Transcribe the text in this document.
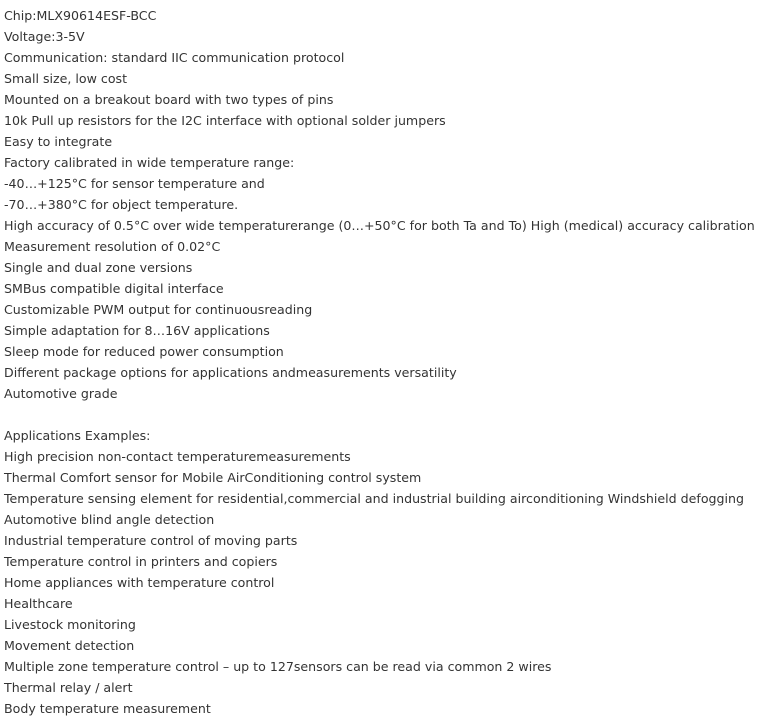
Chip:MLX90614ESF-BCC
Voltage:3-5V
Communication: standard IIC communication protocol
Small size, low cost
Mounted on a breakout board with two types of pins
10k Pull up resistors for the I2C interface with optional solder jumpers
Easy to integrate
Factory calibrated in wide temperature range:
-40…+125°C for sensor temperature and
-70…+380°C for object temperature.
High accuracy of 0.5°C over wide temperaturerange (0…+50°C for both Ta and To) High (medical) accuracy calibration
Measurement resolution of 0.02°C
Single and dual zone versions
SMBus compatible digital interface
Customizable PWM output for continuousreading
Simple adaptation for 8…16V applications
Sleep mode for reduced power consumption
Different package options for applications andmeasurements versatility
Automotive grade
Applications Examples:
High precision non-contact temperaturemeasurements
Thermal Comfort sensor for Mobile AirConditioning control system
Temperature sensing element for residential,commercial and industrial building airconditioning Windshield defogging
Automotive blind angle detection
Industrial temperature control of moving parts
Temperature control in printers and copiers
Home appliances with temperature control
Healthcare
Livestock monitoring
Movement detection
Multiple zone temperature control – up to 127sensors can be read via common 2 wires
Thermal relay / alert
Body temperature measurement
